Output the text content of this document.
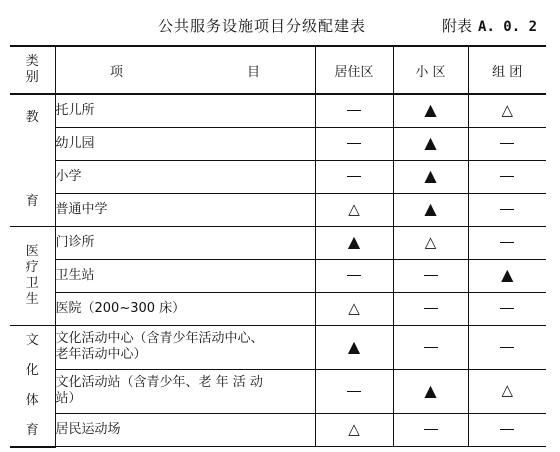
公共服务设施项目分级配建表	附表 A. 0. 2
类
别	项 目	居住区	小 区	组 团
教

育	托儿所		▲	△
	幼儿园		▲	
	小学		▲	
	普通中学	△	▲	
医
疗
卫
生	门诊所	▲	△	
	卫生站			▲
	医院（200~300 床）	△		
文
化
体
育	文化活动中心（含青少年活动中心、
老年活动中心）	▲		
	文化活动站（含青少年、老 年 活 动
站）		▲	△
	居民运动场	△		
